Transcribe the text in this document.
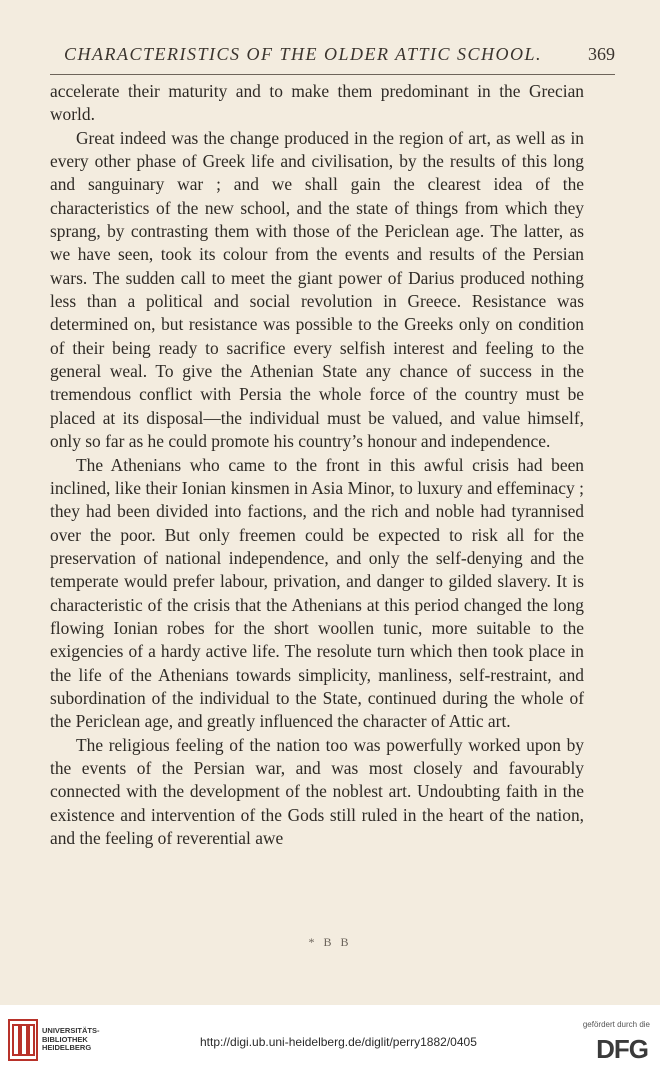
CHARACTERISTICS OF THE OLDER ATTIC SCHOOL.	369

accelerate their maturity and to make them predominant in the Grecian world.

Great indeed was the change produced in the region of art, as well as in every other phase of Greek life and civilisation, by the results of this long and sanguinary war ; and we shall gain the clearest idea of the characteristics of the new school, and the state of things from which they sprang, by contrasting them with those of the Periclean age. The latter, as we have seen, took its colour from the events and results of the Persian wars. The sudden call to meet the giant power of Darius produced nothing less than a political and social revolution in Greece. Resistance was determined on, but resistance was possible to the Greeks only on condition of their being ready to sacrifice every selfish interest and feeling to the general weal. To give the Athenian State any chance of success in the tremendous conflict with Persia the whole force of the country must be placed at its disposal—the individual must be valued, and value himself, only so far as he could promote his country’s honour and independence.

The Athenians who came to the front in this awful crisis had been inclined, like their Ionian kinsmen in Asia Minor, to luxury and effeminacy ; they had been divided into factions, and the rich and noble had tyrannised over the poor. But only freemen could be expected to risk all for the preservation of national independence, and only the self-denying and the temperate would prefer labour, privation, and danger to gilded slavery. It is characteristic of the crisis that the Athenians at this period changed the long flowing Ionian robes for the short woollen tunic, more suitable to the exigencies of a hardy active life. The resolute turn which then took place in the life of the Athenians towards simplicity, manliness, self-restraint, and subordination of the individual to the State, continued during the whole of the Periclean age, and greatly influenced the character of Attic art.

The religious feeling of the nation too was powerfully worked upon by the events of the Persian war, and was most closely and favourably connected with the development of the noblest art. Undoubting faith in the existence and intervention of the Gods still ruled in the heart of the nation, and the feeling of reverential awe

* B B
UNIVERSITÄTS-
BIBLIOTHEK
HEIDELBERG	http://digi.ub.uni-heidelberg.de/diglit/perry1882/0405
gefördert durch die
DFG
